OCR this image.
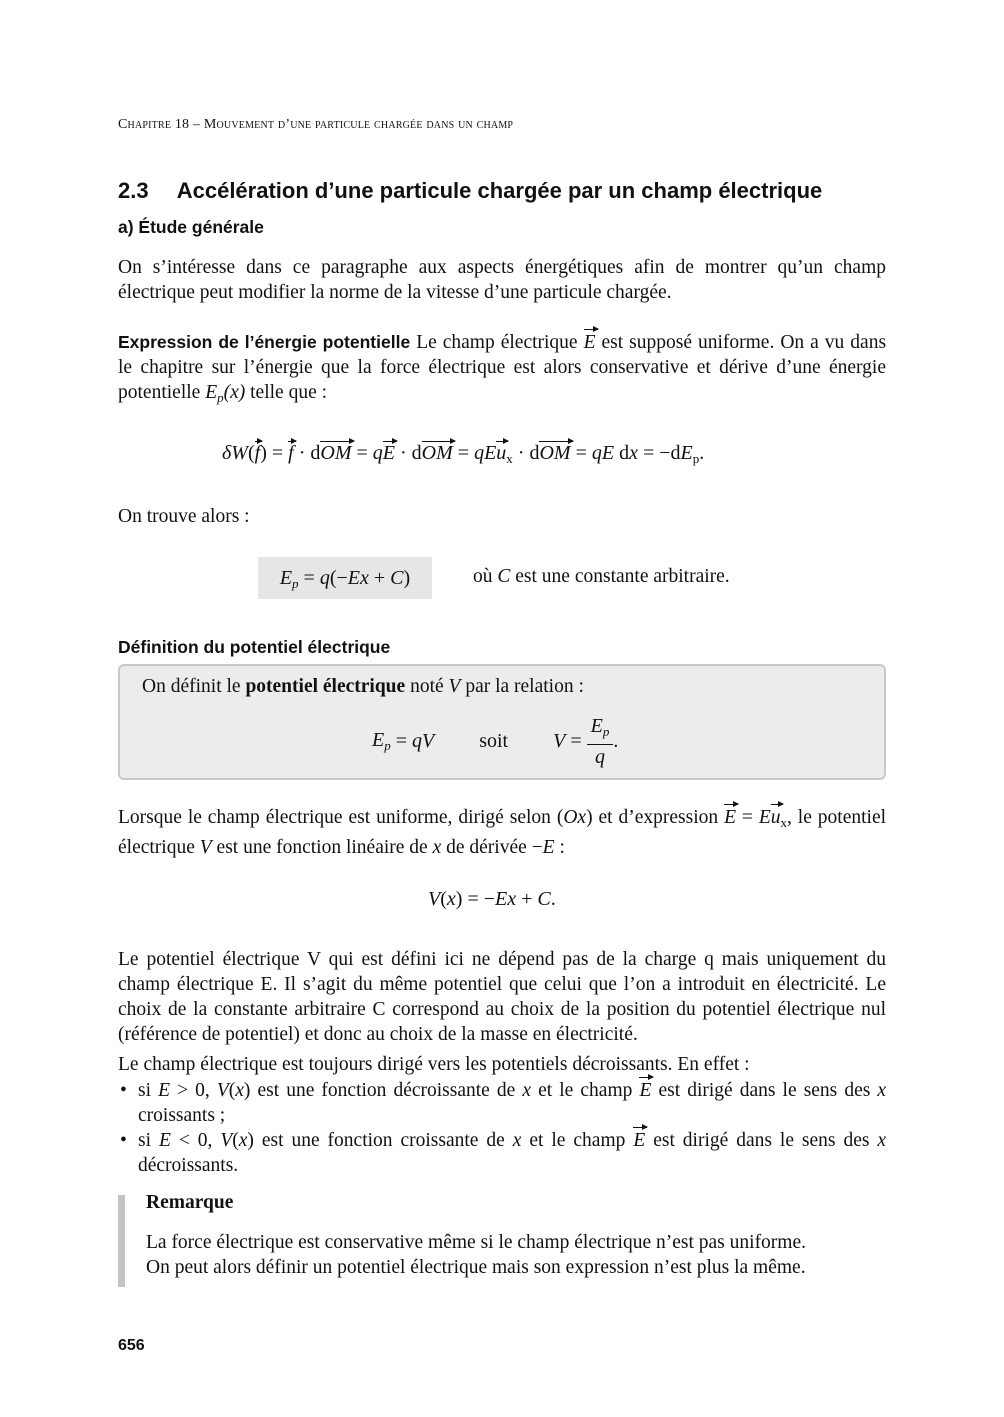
Chapitre 18 – Mouvement d’une particule chargée dans un champ
2.3 Accélération d’une particule chargée par un champ électrique
a) Étude générale
On s’intéresse dans ce paragraphe aux aspects énergétiques afin de montrer qu’un champ électrique peut modifier la norme de la vitesse d’une particule chargée.
Expression de l’énergie potentielle Le champ électrique E est supposé uniforme. On a vu dans le chapitre sur l’énergie que la force électrique est alors conservative et dérive d’une énergie potentielle $E_p(x)$ telle que :
δW(f) = f · dOM = qE · dOM = qEu$_x$ · dOM = qE dx = $-dE_p$.
On trouve alors :
$E_p = q(-Ex + C)$	où C est une constante arbitraire.
Définition du potentiel électrique
On définit le potentiel électrique noté V par la relation :
$E_p$ = qV soit $V = \frac{E_p}{q}$ .
Lorsque le champ électrique est uniforme, dirigé selon (Ox) et d’expression $E = Eu_x$, le potentiel électrique V est une fonction linéaire de x de dérivée −E :
V(x) = −Ex + C.
Le potentiel électrique V qui est défini ici ne dépend pas de la charge q mais uniquement du champ électrique E. Il s’agit du même potentiel que celui que l’on a introduit en électricité. Le choix de la constante arbitraire C correspond au choix de la position du potentiel électrique nul (référence de potentiel) et donc au choix de la masse en électricité.
Le champ électrique est toujours dirigé vers les potentiels décroissants. En effet :
• si E > 0, V(x) est une fonction décroissante de x et le champ E est dirigé dans le sens des x croissants ;
• si E < 0, V(x) est une fonction croissante de x et le champ E est dirigé dans le sens des x décroissants.
Remarque
La force électrique est conservative même si le champ électrique n’est pas uniforme.
On peut alors définir un potentiel électrique mais son expression n’est plus la même.
656
